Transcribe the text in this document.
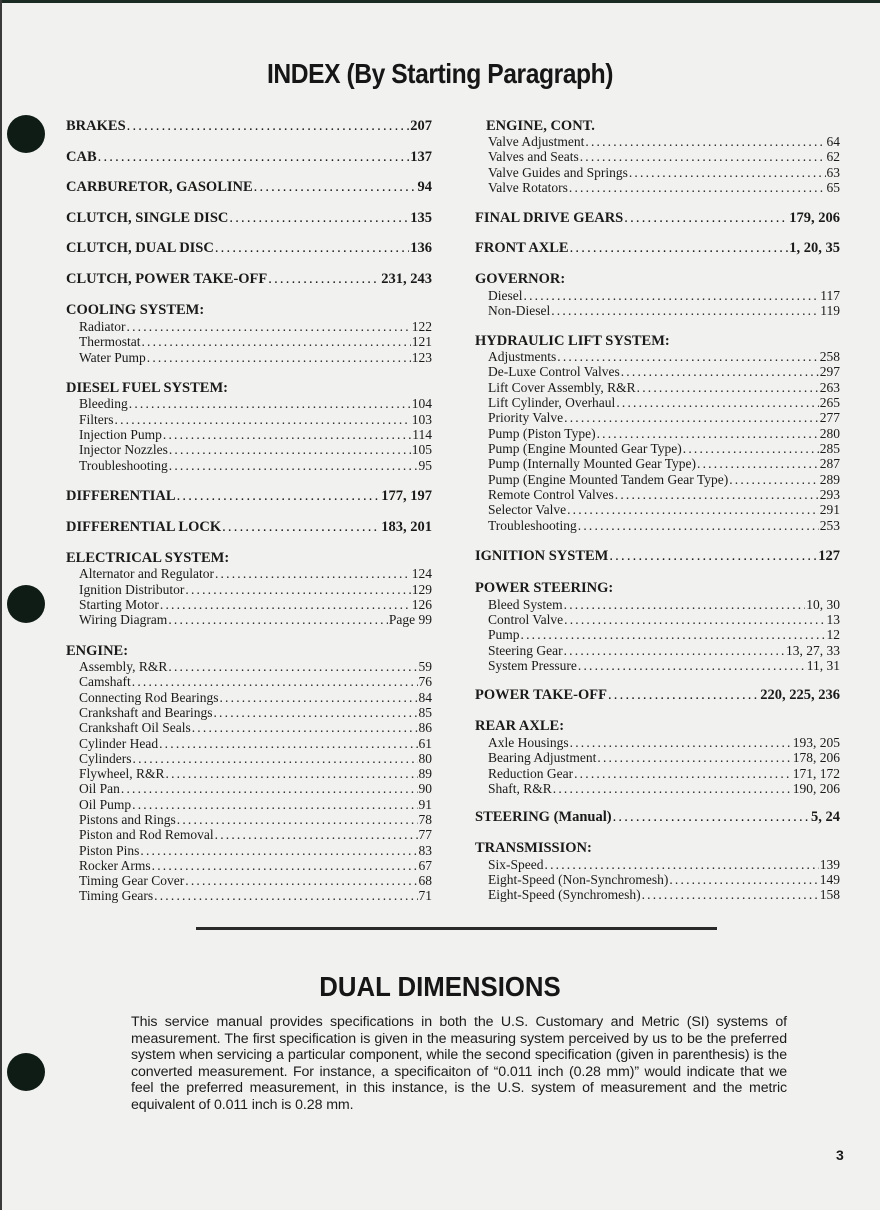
INDEX (By Starting Paragraph)
BRAKES .....	207
CAB .....	137
CARBURETOR, GASOLINE .....	94
CLUTCH, SINGLE DISC .....	135
CLUTCH, DUAL DISC .....	136
CLUTCH, POWER TAKE-OFF .....	231, 243
COOLING SYSTEM:
Radiator .....	122
Thermostat .....	121
Water Pump .....	123
DIESEL FUEL SYSTEM:
Bleeding .....	104
Filters .....	103
Injection Pump .....	114
Injector Nozzles .....	105
Troubleshooting .....	95
DIFFERENTIAL .....	177, 197
DIFFERENTIAL LOCK .....	183, 201
ELECTRICAL SYSTEM:
Alternator and Regulator .....	124
Ignition Distributor .....	129
Starting Motor .....	126
Wiring Diagram .....	Page 99
ENGINE:
Assembly, R&R .....	59
Camshaft .....	76
Connecting Rod Bearings .....	84
Crankshaft and Bearings .....	85
Crankshaft Oil Seals .....	86
Cylinder Head .....	61
Cylinders .....	80
Flywheel, R&R .....	89
Oil Pan .....	90
Oil Pump .....	91
Pistons and Rings .....	78
Piston and Rod Removal .....	77
Piston Pins .....	83
Rocker Arms .....	67
Timing Gear Cover .....	68
Timing Gears .....	71
ENGINE, CONT.
Valve Adjustment .....	64
Valves and Seats .....	62
Valve Guides and Springs .....	63
Valve Rotators .....	65
FINAL DRIVE GEARS .....	179, 206
FRONT AXLE .....	1, 20, 35
GOVERNOR:
Diesel .....	117
Non-Diesel .....	119
HYDRAULIC LIFT SYSTEM:
Adjustments .....	258
De-Luxe Control Valves .....	297
Lift Cover Assembly, R&R .....	263
Lift Cylinder, Overhaul .....	265
Priority Valve .....	277
Pump (Piston Type) .....	280
Pump (Engine Mounted Gear Type) .....	285
Pump (Internally Mounted Gear Type) .....	287
Pump (Engine Mounted Tandem Gear Type) .....	289
Remote Control Valves .....	293
Selector Valve .....	291
Troubleshooting .....	253
IGNITION SYSTEM .....	127
POWER STEERING:
Bleed System .....	10, 30
Control Valve .....	13
Pump .....	12
Steering Gear .....	13, 27, 33
System Pressure .....	11, 31
POWER TAKE-OFF .....	220, 225, 236
REAR AXLE:
Axle Housings .....	193, 205
Bearing Adjustment .....	178, 206
Reduction Gear .....	171, 172
Shaft, R&R .....	190, 206
STEERING (Manual) .....	5, 24
TRANSMISSION:
Six-Speed .....	139
Eight-Speed (Non-Synchromesh) .....	149
Eight-Speed (Synchromesh) .....	158
DUAL DIMENSIONS
This service manual provides specifications in both the U.S. Customary and Metric (SI) systems of measurement. The first specification is given in the measuring system perceived by us to be the preferred system when servicing a particular component, while the second specification (given in parenthesis) is the converted measurement. For instance, a specificaiton of “0.011 inch (0.28 mm)” would indicate that we feel the preferred measurement, in this instance, is the U.S. system of measurement and the metric equivalent of 0.011 inch is 0.28 mm.
3
